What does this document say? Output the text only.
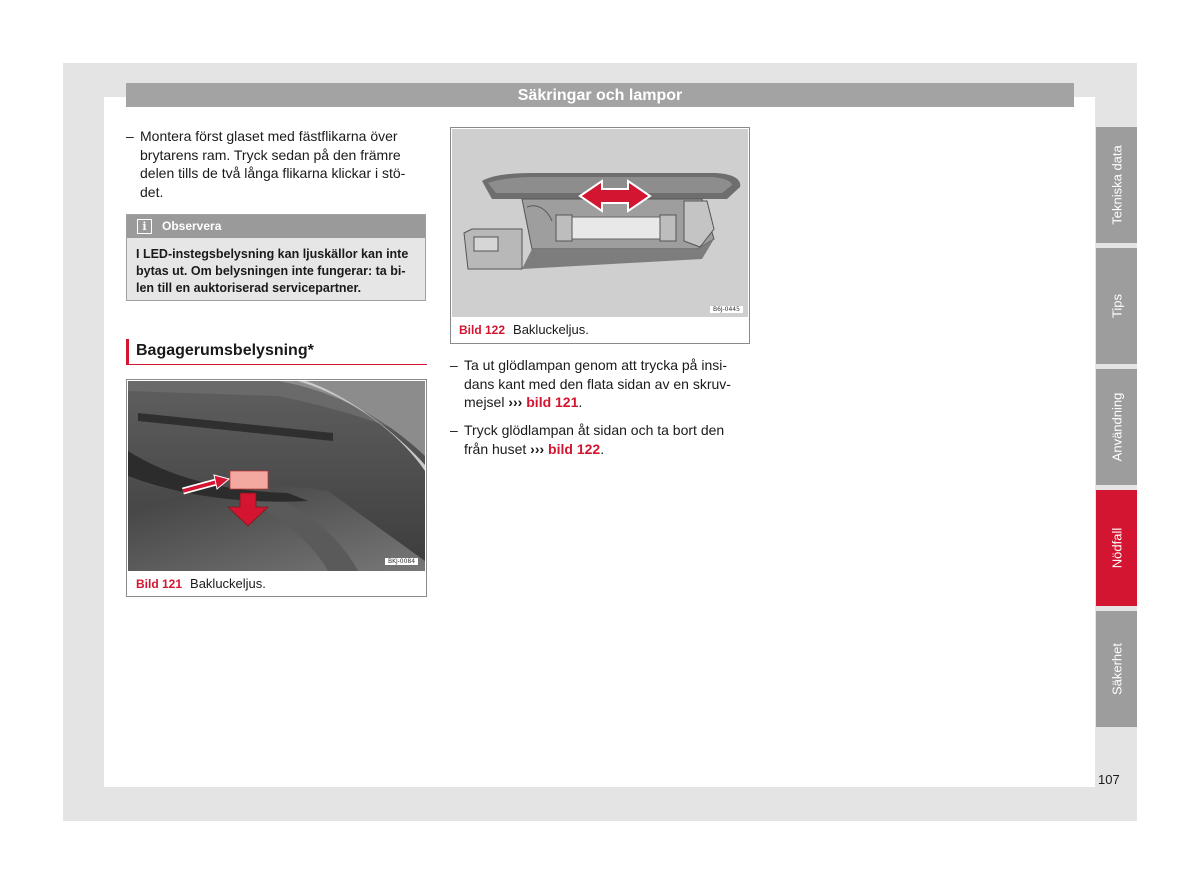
Säkringar och lampor
– Montera först glaset med fästflikarna över
brytarens ram. Tryck sedan på den främre
delen tills de två långa flikarna klickar i stö-
det.
i	Observera
I LED-instegsbelysning kan ljuskällor kan inte
bytas ut. Om belysningen inte fungerar: ta bi-
len till en auktoriserad servicepartner.
Bagagerumsbelysning*
BKJ-0084
Bild 121 Bakluckeljus.
B6J-0445
Bild 122 Bakluckeljus.
– Ta ut glödlampan genom att trycka på insi-
dans kant med den flata sidan av en skruv-
mejsel ››› bild 121.
– Tryck glödlampan åt sidan och ta bort den
från huset ››› bild 122.
Tekniska data
Tips
Användning
Nödfall
Säkerhet
107
